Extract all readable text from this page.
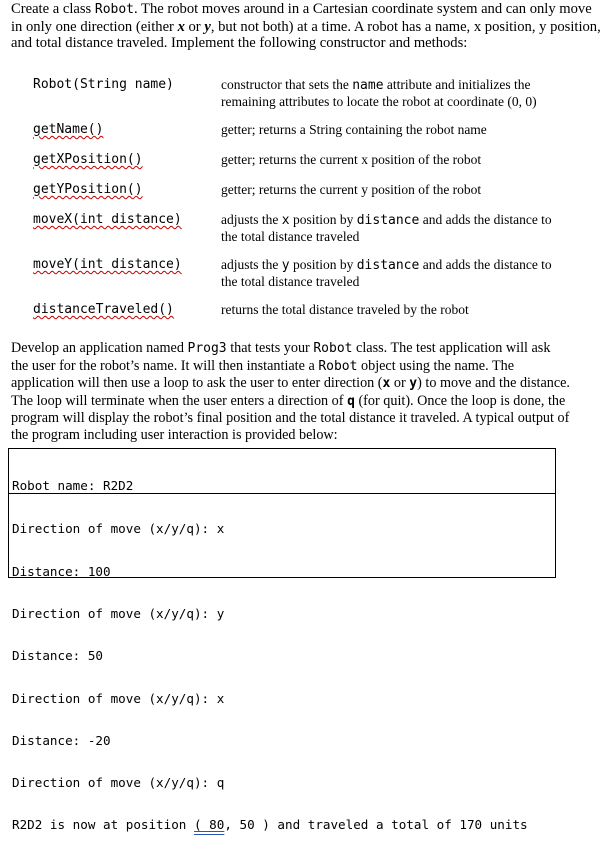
Create a class Robot. The robot moves around in a Cartesian coordinate system and can only move in only one direction (either x or y, but not both) at a time. A robot has a name, x position, y position, and total distance traveled. Implement the following constructor and methods:
Robot(String name)	constructor that sets the name attribute and initializes the remaining attributes to locate the robot at coordinate (0, 0)
getName()	getter; returns a String containing the robot name
getXPosition()	getter; returns the current x position of the robot
getYPosition()	getter; returns the current y position of the robot
moveX(int distance)	adjusts the x position by distance and adds the distance to the total distance traveled
moveY(int distance)	adjusts the y position by distance and adds the distance to the total distance traveled
distanceTraveled()	returns the total distance traveled by the robot
Develop an application named Prog3 that tests your Robot class. The test application will ask the user for the robot’s name. It will then instantiate a Robot object using the name. The application will then use a loop to ask the user to enter direction (x or y) to move and the distance. The loop will terminate when the user enters a direction of q (for quit). Once the loop is done, the program will display the robot’s final position and the total distance it traveled. A typical output of the program including user interaction is provided below:

Robot name: R2D2

Direction of move (x/y/q): x

Distance: 100

Direction of move (x/y/q): y

Distance: 50

Direction of move (x/y/q): x

Distance: -20

Direction of move (x/y/q): q

R2D2 is now at position ( 80, 50 ) and traveled a total of 170 units
